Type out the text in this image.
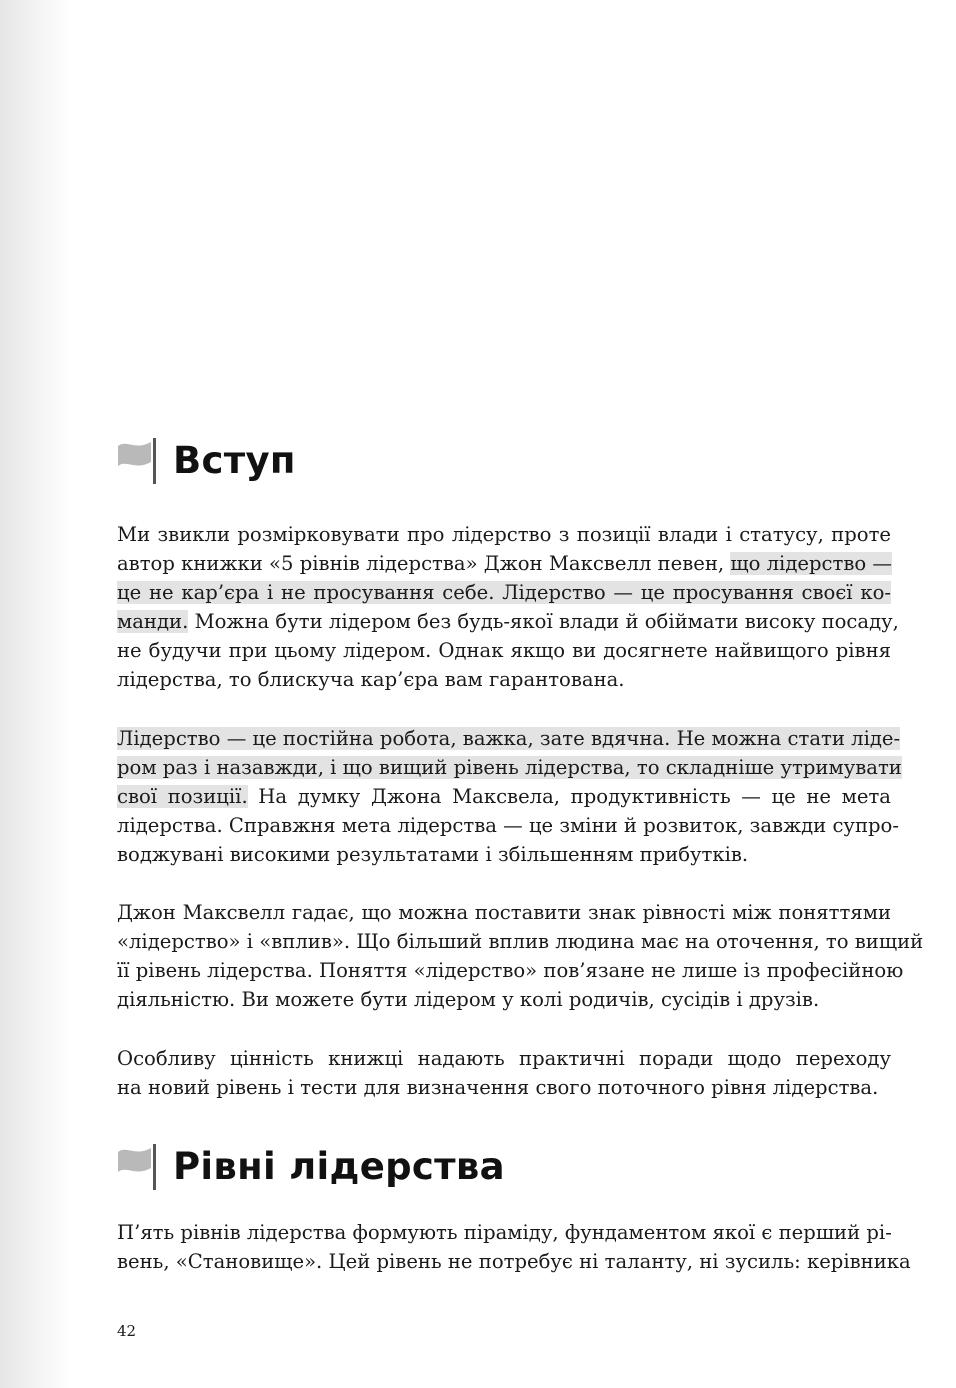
Вступ

Ми звикли розмірковувати про лідерство з позиції влади і статусу, проте
автор книжки «5 рівнів лідерства» Джон Максвелл певен, що лідерство —
це не кар’єра і не просування себе. Лідерство — це просування своєї ко-
манди. Можна бути лідером без будь-якої влади й обіймати високу посаду,
не будучи при цьому лідером. Однак якщо ви досягнете найвищого рівня
лідерства, то блискуча кар’єра вам гарантована.

Лідерство — це постійна робота, важка, зате вдячна. Не можна стати ліде-
ром раз і назавжди, і що вищий рівень лідерства, то складніше утримувати
свої позиції. На думку Джона Максвела, продуктивність — це не мета
лідерства. Справжня мета лідерства — це зміни й розвиток, завжди супро-
воджувані високими результатами і збільшенням прибутків.

Джон Максвелл гадає, що можна поставити знак рівності між поняттями
«лідерство» і «вплив». Що більший вплив людина має на оточення, то вищий
її рівень лідерства. Поняття «лідерство» пов’язане не лише із професійною
діяльністю. Ви можете бути лідером у колі родичів, сусідів і друзів.

Особливу цінність книжці надають практичні поради щодо переходу
на новий рівень і тести для визначення свого поточного рівня лідерства.

Рівні лідерства

П’ять рівнів лідерства формують піраміду, фундаментом якої є перший рі-
вень, «Становище». Цей рівень не потребує ні таланту, ні зусиль: керівника

42
